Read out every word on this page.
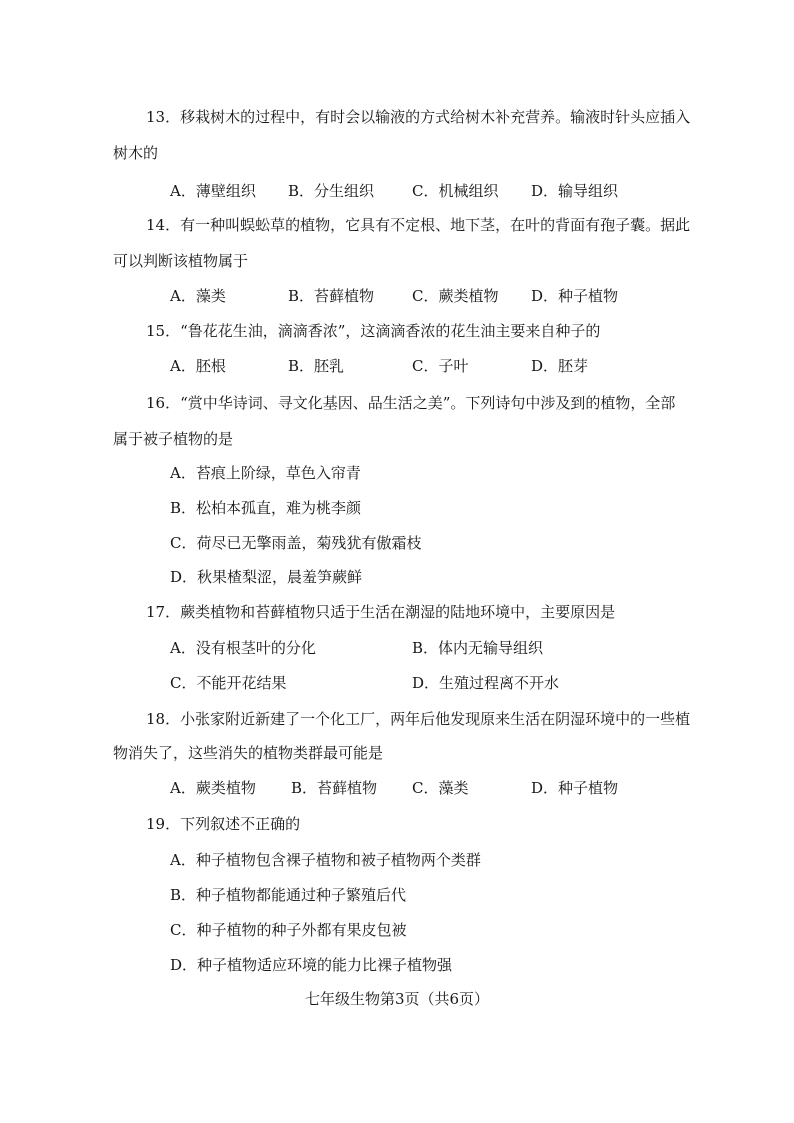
13．移栽树木的过程中，有时会以输液的方式给树木补充营养。输液时针头应插入
树木的
A．薄壁组织 B．分生组织	C．机械组织 D．输导组织
14．有一种叫蜈蚣草的植物，它具有不定根、地下茎，在叶的背面有孢子囊。据此
可以判断该植物属于
A．藻类	B．苔藓植物	C．蕨类植物 D．种子植物
15．“鲁花花生油，滴滴香浓”，这滴滴香浓的花生油主要来自种子的
A．胚根	B．胚乳	C．子叶	D．胚芽
16．“赏中华诗词、寻文化基因、品生活之美”。下列诗句中涉及到的植物，全部
属于被子植物的是
A．苔痕上阶绿，草色入帘青
B．松柏本孤直，难为桃李颜
C．荷尽已无擎雨盖，菊残犹有傲霜枝
D．秋果楂梨涩，晨羞笋蕨鲜
17．蕨类植物和苔藓植物只适于生活在潮湿的陆地环境中，主要原因是
A．没有根茎叶的分化	B．体内无输导组织
C．不能开花结果	D．生殖过程离不开水
18．小张家附近新建了一个化工厂，两年后他发现原来生活在阴湿环境中的一些植
物消失了，这些消失的植物类群最可能是
A．蕨类植物 B．苔藓植物 C．藻类	D．种子植物
19．下列叙述不正确的
A．种子植物包含裸子植物和被子植物两个类群
B．种子植物都能通过种子繁殖后代
C．种子植物的种子外都有果皮包被
D．种子植物适应环境的能力比裸子植物强
七年级生物第3页（共6页）
